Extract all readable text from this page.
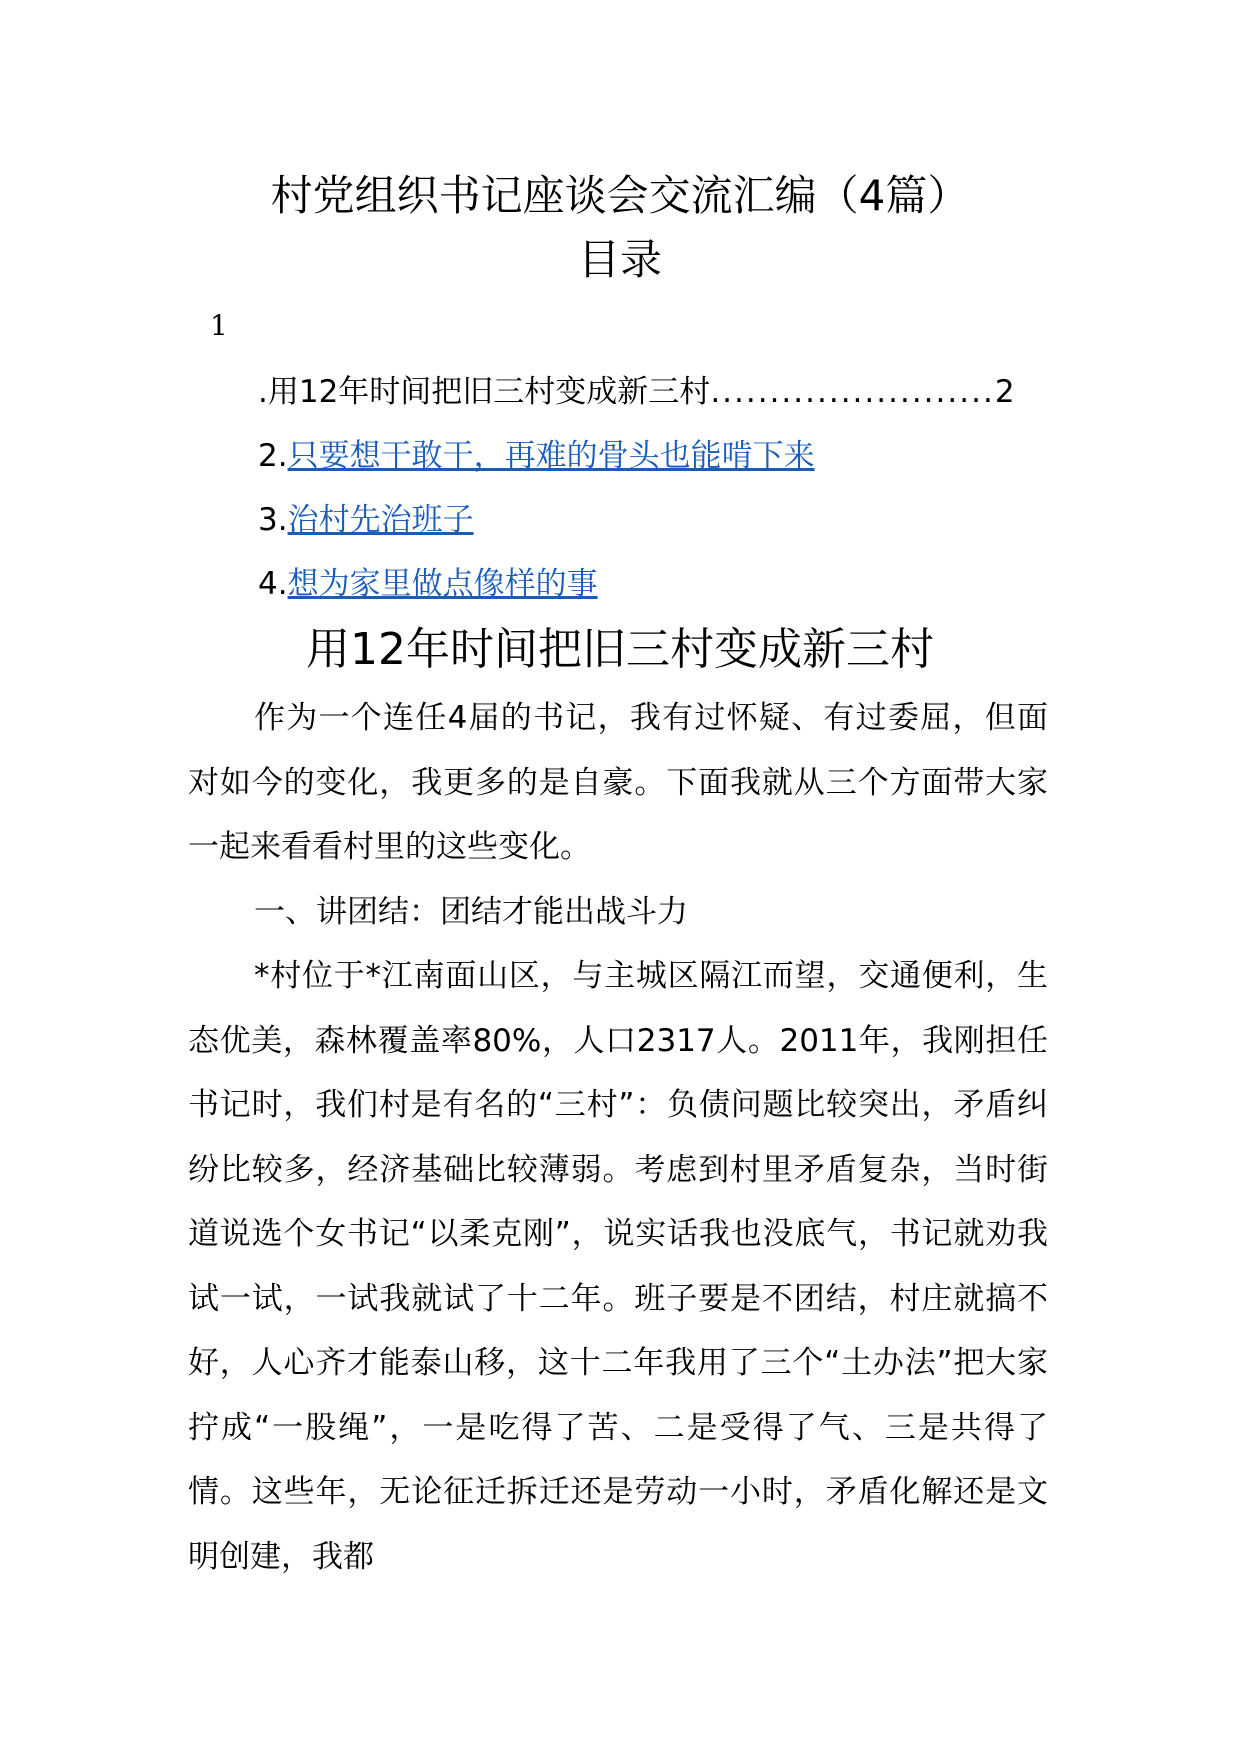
村党组织书记座谈会交流汇编（4篇）
目录
1
.用12年时间把旧三村变成新三村........................2
2.只要想干敢干，再难的骨头也能啃下来
3.治村先治班子
4.想为家里做点像样的事
用12年时间把旧三村变成新三村

作为一个连任4届的书记，我有过怀疑、有过委屈，但面对如今的变化，我更多的是自豪。下面我就从三个方面带大家一起来看看村里的这些变化。

一、讲团结：团结才能出战斗力

*村位于*江南面山区，与主城区隔江而望，交通便利，生态优美，森林覆盖率80%，人口2317人。2011年，我刚担任书记时，我们村是有名的“三村”：负债问题比较突出，矛盾纠纷比较多，经济基础比较薄弱。考虑到村里矛盾复杂，当时街道说选个女书记“以柔克刚”，说实话我也没底气，书记就劝我试一试，一试我就试了十二年。班子要是不团结，村庄就搞不好，人心齐才能泰山移，这十二年我用了三个“土办法”把大家拧成“一股绳”，一是吃得了苦、二是受得了气、三是共得了情。这些年，无论征迁拆迁还是劳动一小时，矛盾化解还是文明创建，我都
